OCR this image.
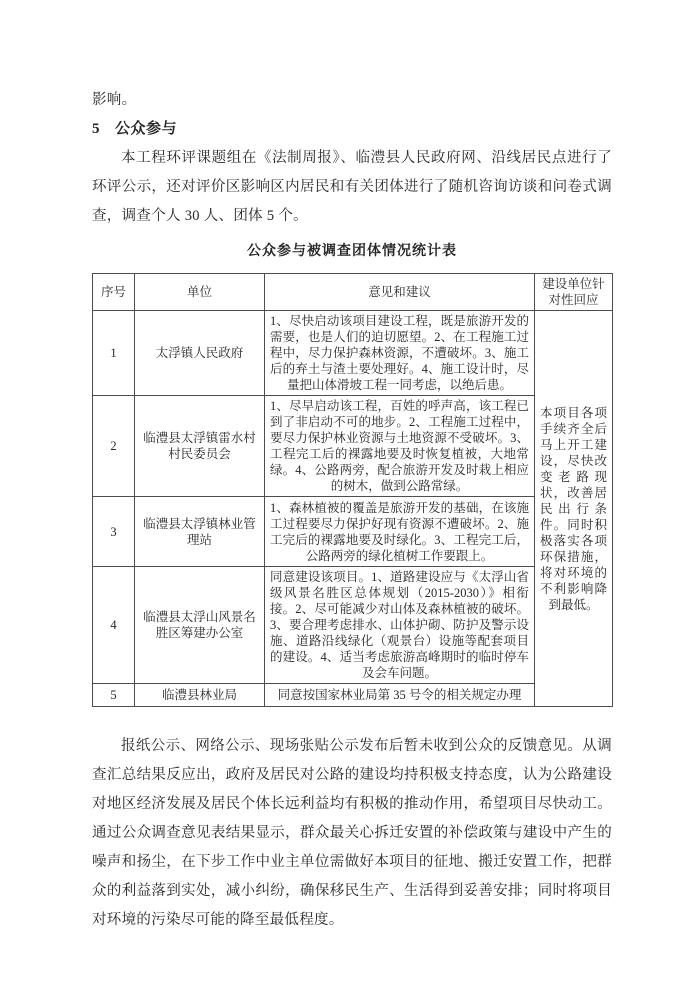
影响。

5 公众参与

本工程环评课题组在《法制周报》、临澧县人民政府网、沿线居民点进行了环评公示，还对评价区影响区内居民和有关团体进行了随机咨询访谈和问卷式调查，调查个人 30 人、团体 5 个。

公众参与被调查团体情况统计表
序号	单位	意见和建议	建设单位针对性回应
1	太浮镇人民政府	1、尽快启动该项目建设工程，既是旅游开发的需要，也是人们的迫切愿望。2、在工程施工过程中，尽力保护森林资源，不遭破坏。3、施工后的弃土与渣土要处理好。4、施工设计时，尽量把山体滑坡工程一同考虑，以绝后患。	本项目各项手续齐全后马上开工建设，尽快改变老路现状，改善居民出行条件。同时积极落实各项环保措施，将对环境的不利影响降到最低。
2	临澧县太浮镇雷水村村民委员会	1、尽早启动该工程，百姓的呼声高，该工程已到了非启动不可的地步。2、工程施工过程中，要尽力保护林业资源与土地资源不受破坏。3、工程完工后的裸露地要及时恢复植被，大地常绿。4、公路两旁，配合旅游开发及时栽上相应的树木，做到公路常绿。	
3	临澧县太浮镇林业管理站	1、森林植被的覆盖是旅游开发的基础，在该施工过程要尽力保护好现有资源不遭破坏。2、施工完后的裸露地要及时绿化。3、工程完工后，公路两旁的绿化植树工作要跟上。	
4	临澧县太浮山风景名胜区筹建办公室	同意建设该项目。1、道路建设应与《太浮山省级风景名胜区总体规划（2015-2030）》相衔接。2、尽可能减少对山体及森林植被的破坏。3、要合理考虑排水、山体护砌、防护及警示设施、道路沿线绿化（观景台）设施等配套项目的建设。4、适当考虑旅游高峰期时的临时停车及会车问题。	
5	临澧县林业局	同意按国家林业局第 35 号令的相关规定办理	

报纸公示、网络公示、现场张贴公示发布后暂未收到公众的反馈意见。从调查汇总结果反应出，政府及居民对公路的建设均持积极支持态度，认为公路建设对地区经济发展及居民个体长远利益均有积极的推动作用，希望项目尽快动工。通过公众调查意见表结果显示，群众最关心拆迁安置的补偿政策与建设中产生的噪声和扬尘，在下步工作中业主单位需做好本项目的征地、搬迁安置工作，把群众的利益落到实处，减小纠纷，确保移民生产、生活得到妥善安排；同时将项目对环境的污染尽可能的降至最低程度。
